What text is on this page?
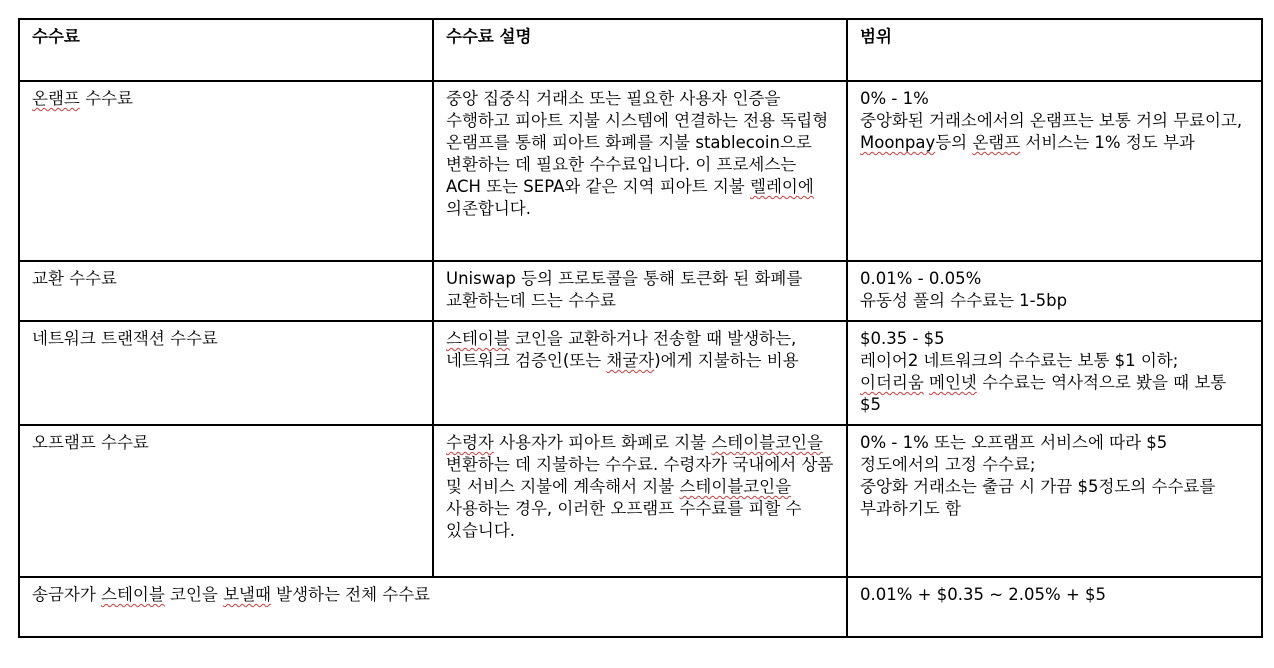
수수료	수수료 설명	범위
온램프 수수료	중앙 집중식 거래소 또는 필요한 사용자 인증을 수행하고 피아트 지불 시스템에 연결하는 전용 독립형 온램프를 통해 피아트 화폐를 지불 stablecoin으로 변환하는 데 필요한 수수료입니다. 이 프로세스는 ACH 또는 SEPA와 같은 지역 피아트 지불 렐레이에 의존합니다.	0% - 1%
중앙화된 거래소에서의 온램프는 보통 거의 무료이고, Moonpay등의 온램프 서비스는 1% 정도 부과
교환 수수료	Uniswap 등의 프로토콜을 통해 토큰화 된 화폐를 교환하는데 드는 수수료	0.01% - 0.05%
유동성 풀의 수수료는 1-5bp

네트워크 트랜잭션 수수료	스테이블 코인을 교환하거나 전송할 때 발생하는, 네트워크 검증인(또는 채굴자)에게 지불하는 비용	$0.35 - $5
레이어2 네트워크의 수수료는 보통 $1 이하;
이더리움 메인넷 수수료는 역사적으로 봤을 때 보통 $5
오프램프 수수료	수령자 사용자가 피아트 화폐로 지불 스테이블코인을 변환하는 데 지불하는 수수료. 수령자가 국내에서 상품 및 서비스 지불에 계속해서 지불 스테이블코인을 사용하는 경우, 이러한 오프램프 수수료를 피할 수 있습니다.	0% - 1% 또는 오프램프 서비스에 따라 $5 정도에서의 고정 수수료;
중앙화 거래소는 출금 시 가끔 $5정도의 수수료를 부과하기도 함

송금자가 스테이블 코인을 보낼때 발생하는 전체 수수료		0.01% + $0.35 ~ 2.05% + $5
